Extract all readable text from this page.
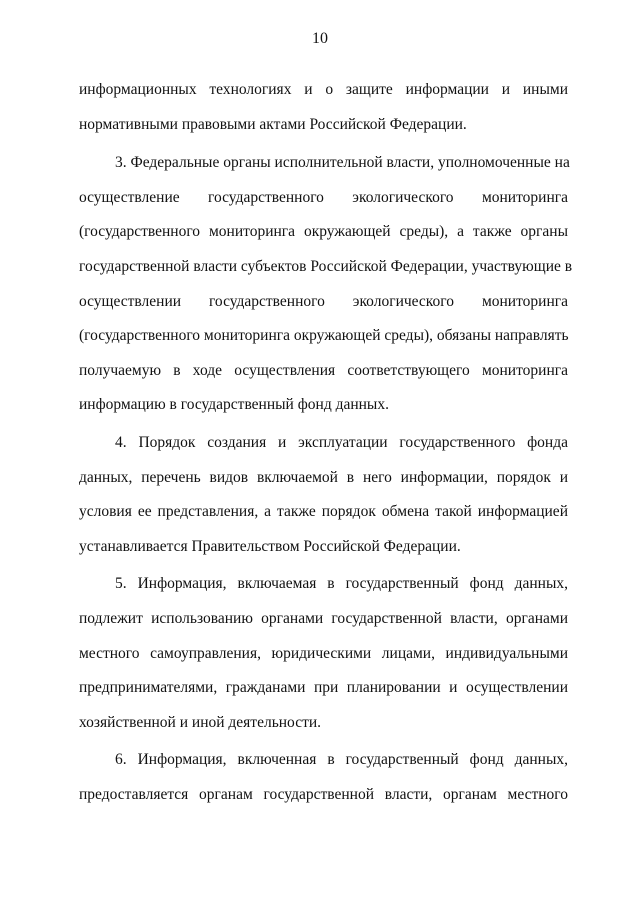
10
информационных технологиях и о защите информации и иными
нормативными правовыми актами Российской Федерации.
3. Федеральные органы исполнительной власти, уполномоченные на
осуществление государственного экологического мониторинга
(государственного мониторинга окружающей среды), а также органы
государственной власти субъектов Российской Федерации, участвующие в
осуществлении государственного экологического мониторинга
(государственного мониторинга окружающей среды), обязаны направлять
получаемую в ходе осуществления соответствующего мониторинга
информацию в государственный фонд данных.
4. Порядок создания и эксплуатации государственного фонда
данных, перечень видов включаемой в него информации, порядок и
условия ее представления, а также порядок обмена такой информацией
устанавливается Правительством Российской Федерации.
5. Информация, включаемая в государственный фонд данных,
подлежит использованию органами государственной власти, органами
местного самоуправления, юридическими лицами, индивидуальными
предпринимателями, гражданами при планировании и осуществлении
хозяйственной и иной деятельности.
6. Информация, включенная в государственный фонд данных,
предоставляется органам государственной власти, органам местного
